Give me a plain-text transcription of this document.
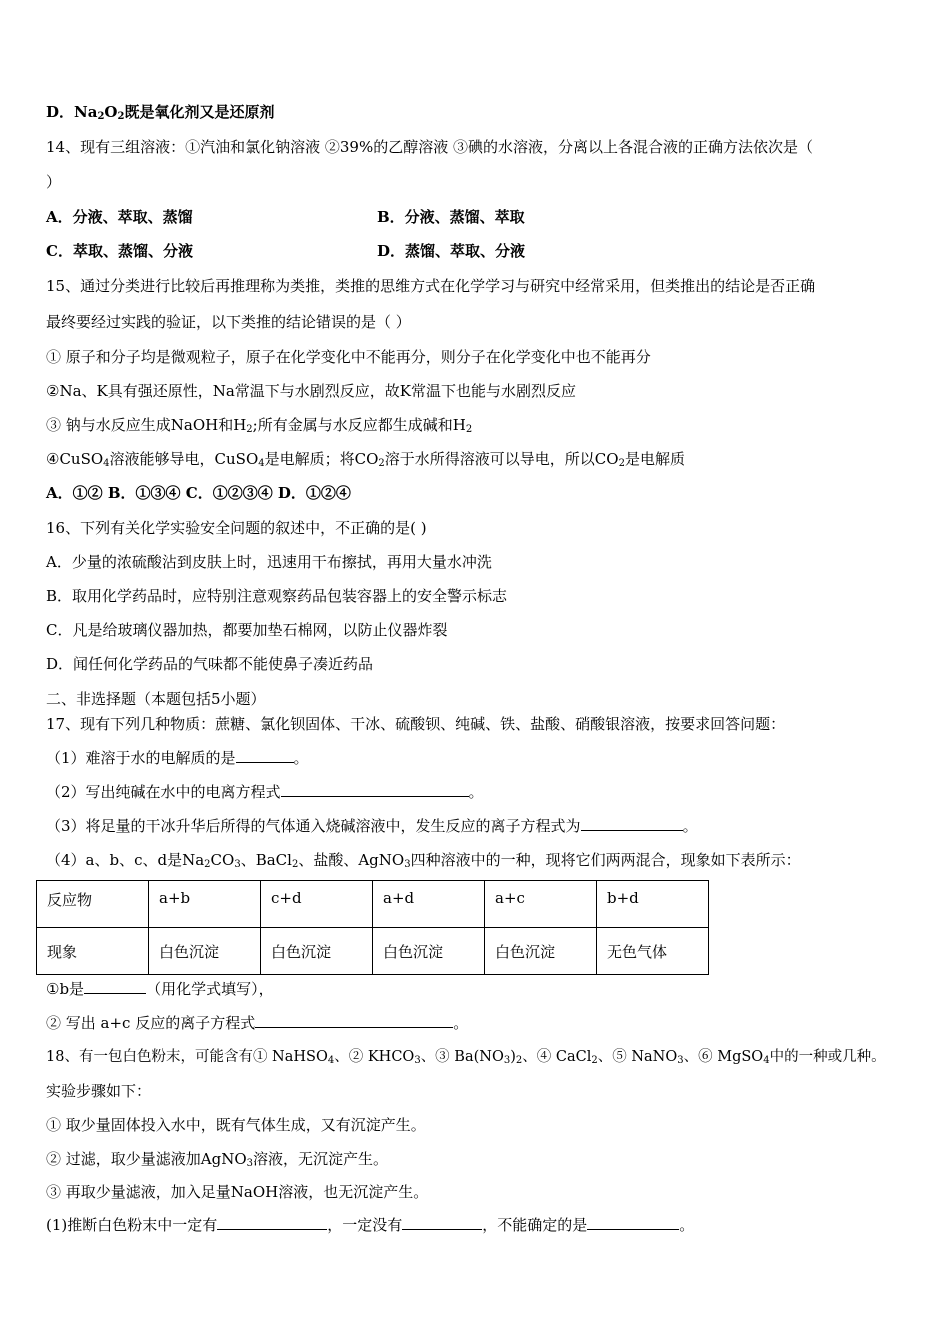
D．$Na_2O_2$既是氧化剂又是还原剂
14、现有三组溶液：①汽油和氯化钠溶液 ②39%的乙醇溶液 ③碘的水溶液，分离以上各混合液的正确方法依次是（
）
A．分液、萃取、蒸馏	B．分液、蒸馏、萃取
C．萃取、蒸馏、分液	D．蒸馏、萃取、分液
15、通过分类进行比较后再推理称为类推，类推的思维方式在化学学习与研究中经常采用，但类推出的结论是否正确
最终要经过实践的验证，以下类推的结论错误的是（ ）
① 原子和分子均是微观粒子，原子在化学变化中不能再分，则分子在化学变化中也不能再分
②Na、K具有强还原性，Na常温下与水剧烈反应，故K常温下也能与水剧烈反应
③ 钠与水反应生成NaOH和$H_2$;所有金属与水反应都生成碱和$H_2$
④CuSO$_4$溶液能够导电，CuSO$_4$是电解质；将$CO_2$溶于水所得溶液可以导电，所以$CO_2$是电解质
A．①② B．①③④ C．①②③④ D．①②④
16、下列有关化学实验安全问题的叙述中，不正确的是( )
A．少量的浓硫酸沾到皮肤上时，迅速用干布擦拭，再用大量水冲洗
B．取用化学药品时，应特别注意观察药品包装容器上的安全警示标志
C．凡是给玻璃仪器加热，都要加垫石棉网，以防止仪器炸裂
D．闻任何化学药品的气味都不能使鼻子凑近药品
二、非选择题（本题包括5小题）
17、现有下列几种物质：蔗糖、氯化钡固体、干冰、硫酸钡、纯碱、铁、盐酸、硝酸银溶液，按要求回答问题：
（1）难溶于水的电解质的是	。
（2）写出纯碱在水中的电离方程式	。
（3）将足量的干冰升华后所得的气体通入烧碱溶液中，发生反应的离子方程式为	。
（4）a、b、c、d是$Na_2CO_3$、BaCl$_2$、盐酸、AgNO$_3$四种溶液中的一种，现将它们两两混合，现象如下表所示：
反应物	a+b	c+d	a+d	a+c	b+d
现象	白色沉淀	白色沉淀	白色沉淀	白色沉淀	无色气体
①b是	（用化学式填写），
② 写出 a+c 反应的离子方程式	。
18、有一包白色粉末，可能含有① NaHSO$_4$、② $KHCO_3$、③ $Ba(NO_3)_2$、④ CaCl$_2$、⑤ NaNO$_3$、⑥ MgSO$_4$中的一种或几种。
实验步骤如下：
① 取少量固体投入水中，既有气体生成，又有沉淀产生。
② 过滤，取少量滤液加AgNO$_3$溶液，无沉淀产生。
③ 再取少量滤液，加入足量NaOH溶液，也无沉淀产生。
(1)推断白色粉末中一定有	，一定没有	，不能确定的是	。
